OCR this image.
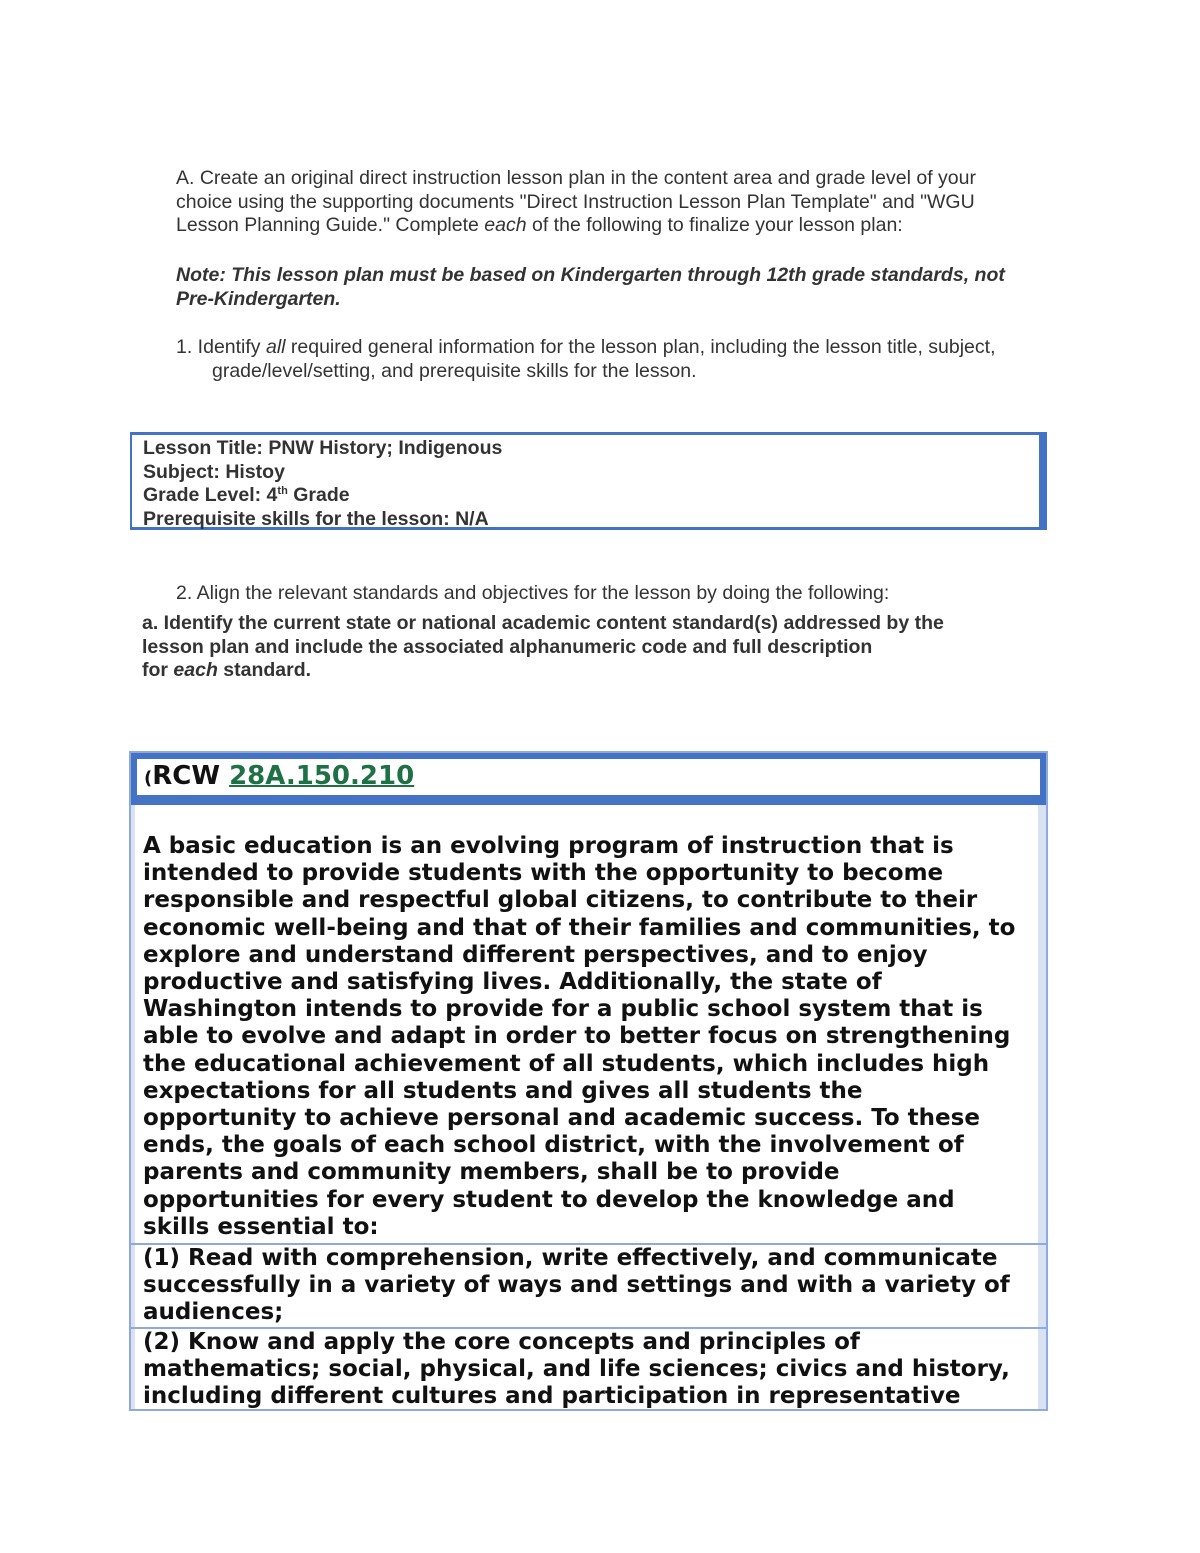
A. Create an original direct instruction lesson plan in the content area and grade level of your
choice using the supporting documents "Direct Instruction Lesson Plan Template" and "WGU
Lesson Planning Guide." Complete each of the following to finalize your lesson plan:
Note: This lesson plan must be based on Kindergarten through 12th grade standards, not
Pre-Kindergarten.
1. Identify all required general information for the lesson plan, including the lesson title, subject,
grade/level/setting, and prerequisite skills for the lesson.
Lesson Title: PNW History; Indigenous
Subject: Histoy
Grade Level: 4th Grade
Prerequisite skills for the lesson: N/A
2. Align the relevant standards and objectives for the lesson by doing the following:
a. Identify the current state or national academic content standard(s) addressed by the
lesson plan and include the associated alphanumeric code and full description
for each standard.
(RCW 28A.150.210
A basic education is an evolving program of instruction that is
intended to provide students with the opportunity to become
responsible and respectful global citizens, to contribute to their
economic well-being and that of their families and communities, to
explore and understand different perspectives, and to enjoy
productive and satisfying lives. Additionally, the state of
Washington intends to provide for a public school system that is
able to evolve and adapt in order to better focus on strengthening
the educational achievement of all students, which includes high
expectations for all students and gives all students the
opportunity to achieve personal and academic success. To these
ends, the goals of each school district, with the involvement of
parents and community members, shall be to provide
opportunities for every student to develop the knowledge and
skills essential to:
(1) Read with comprehension, write effectively, and communicate
successfully in a variety of ways and settings and with a variety of
audiences;
(2) Know and apply the core concepts and principles of
mathematics; social, physical, and life sciences; civics and history,
including different cultures and participation in representative
